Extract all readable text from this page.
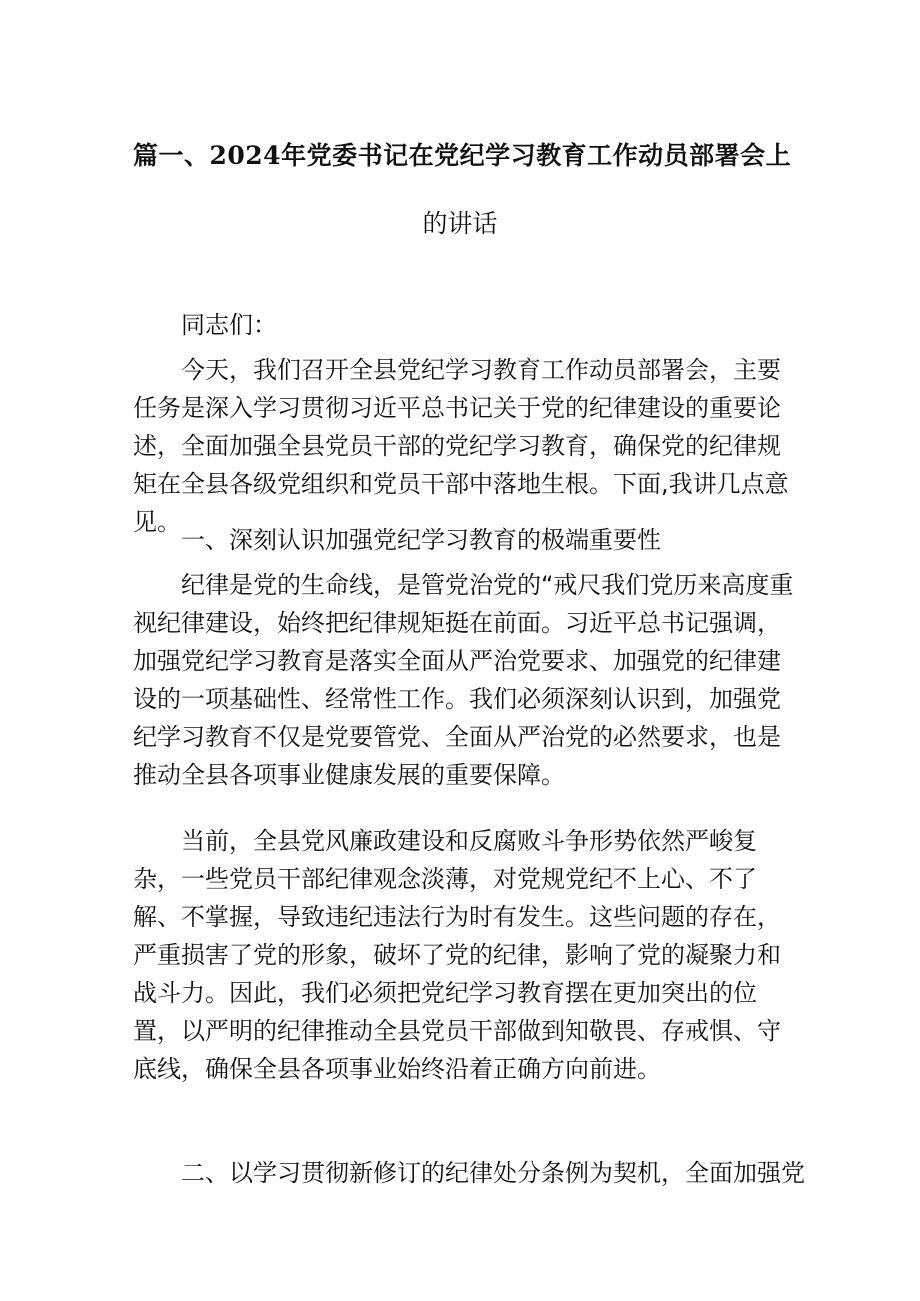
篇一、2024年党委书记在党纪学习教育工作动员部署会上
的讲话

同志们：

今天，我们召开全县党纪学习教育工作动员部署会，主要任务是深入学习贯彻习近平总书记关于党的纪律建设的重要论述，全面加强全县党员干部的党纪学习教育，确保党的纪律规矩在全县各级党组织和党员干部中落地生根。下面,我讲几点意见。

一、深刻认识加强党纪学习教育的极端重要性

纪律是党的生命线，是管党治党的“戒尺我们党历来高度重视纪律建设，始终把纪律规矩挺在前面。习近平总书记强调，加强党纪学习教育是落实全面从严治党要求、加强党的纪律建设的一项基础性、经常性工作。我们必须深刻认识到，加强党纪学习教育不仅是党要管党、全面从严治党的必然要求，也是推动全县各项事业健康发展的重要保障。

当前，全县党风廉政建设和反腐败斗争形势依然严峻复杂，一些党员干部纪律观念淡薄，对党规党纪不上心、不了解、不掌握，导致违纪违法行为时有发生。这些问题的存在，严重损害了党的形象，破坏了党的纪律，影响了党的凝聚力和战斗力。因此，我们必须把党纪学习教育摆在更加突出的位置，以严明的纪律推动全县党员干部做到知敬畏、存戒惧、守底线，确保全县各项事业始终沿着正确方向前进。

二、以学习贯彻新修订的纪律处分条例为契机，全面加强党
